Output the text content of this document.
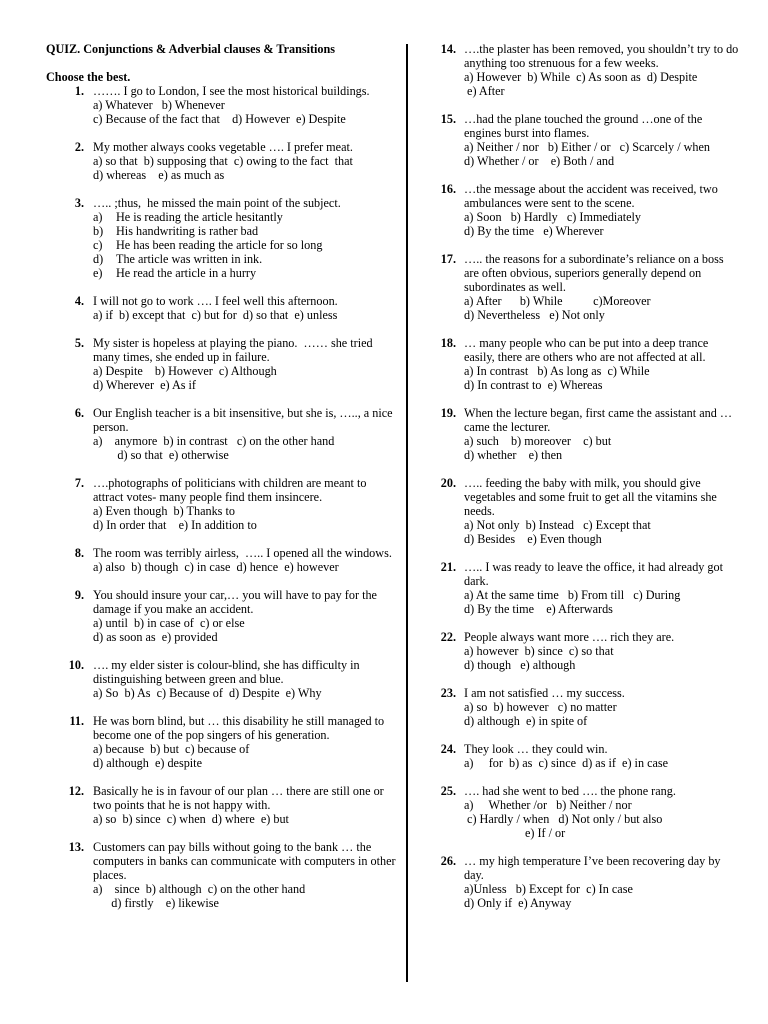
QUIZ. Conjunctions & Adverbial clauses & Transitions

Choose the best.

1. ……. I go to London, I see the most historical buildings.
a) Whatever   b) Whenever
c) Because of the fact that    d) However  e) Despite
2. My mother always cooks vegetable …. I prefer meat.
a) so that  b) supposing that  c) owing to the fact  that
d) whereas    e) as much as
3. ….. ;thus,  he missed the main point of the subject.
a)	He is reading the article hesitantly
b)	His handwriting is rather bad
c)	He has been reading the article for so long
d)	The article was written in ink.
e)	He read the article in a hurry
4. I will not go to work …. I feel well this afternoon.
a) if  b) except that  c) but for  d) so that  e) unless
5. My sister is hopeless at playing the piano.  …… she tried many times, she ended up in failure.
a) Despite    b) However  c) Although
d) Wherever  e) As if
6. Our English teacher is a bit insensitive, but she is, ….., a nice person.
a)    anymore  b) in contrast   c) on the other hand
d) so that  e) otherwise
7. ….photographs of politicians with children are meant to attract votes- many people find them insincere.
a) Even though  b) Thanks to
d) In order that    e) In addition to
8. The room was terribly airless,  ….. I opened all the windows.
a) also  b) though  c) in case  d) hence  e) however
9. You should insure your car,… you will have to pay for the damage if you make an accident.
a) until  b) in case of  c) or else
d) as soon as  e) provided
10. …. my elder sister is colour-blind, she has difficulty in distinguishing between green and blue.
a) So  b) As  c) Because of  d) Despite  e) Why
11. He was born blind, but … this disability he still managed to become one of the pop singers of his generation.
a) because  b) but  c) because of
d) although  e) despite
12. Basically he is in favour of our plan … there are still one or two points that he is not happy with.
a) so  b) since  c) when  d) where  e) but
13. Customers can pay bills without going to the bank … the computers in banks can communicate with computers in other places.
a)    since  b) although  c) on the other hand
d) firstly    e) likewise
14. ….the plaster has been removed, you shouldn’t try to do anything too strenuous for a few weeks.
a) However  b) While  c) As soon as  d) Despite
e) After
15. …had the plane touched the ground …one of the engines burst into flames.
a) Neither / nor   b) Either / or   c) Scarcely / when
d) Whether / or    e) Both / and
16. …the message about the accident was received, two ambulances were sent to the scene.
a) Soon   b) Hardly   c) Immediately
d) By the time   e) Wherever
17. ….. the reasons for a subordinate’s reliance on a boss are often obvious, superiors generally depend on subordinates as well.
a) After      b) While          c)Moreover
d) Nevertheless   e) Not only
18. … many people who can be put into a deep trance easily, there are others who are not affected at all.
a) In contrast   b) As long as  c) While
d) In contrast to  e) Whereas
19. When the lecture began, first came the assistant and … came the lecturer.
a) such    b) moreover    c) but
d) whether    e) then
20. ….. feeding the baby with milk, you should give vegetables and some fruit to get all the vitamins she needs.
a) Not only  b) Instead   c) Except that
d) Besides    e) Even though
21. ….. I was ready to leave the office, it had already got dark.
a) At the same time   b) From till   c) During
d) By the time    e) Afterwards
22. People always want more …. rich they are.
a) however  b) since  c) so that
d) though   e) although
23. I am not satisfied … my success.
a) so  b) however   c) no matter
d) although  e) in spite of
24. They look … they could win.
a)     for  b) as  c) since  d) as if  e) in case
25. …. had she went to bed …. the phone rang.
a)     Whether /or   b) Neither / nor
c) Hardly / when   d) Not only / but also
e) If / or
26. … my high temperature I’ve been recovering day by  day.
a)Unless   b) Except for  c) In case
d) Only if  e) Anyway
